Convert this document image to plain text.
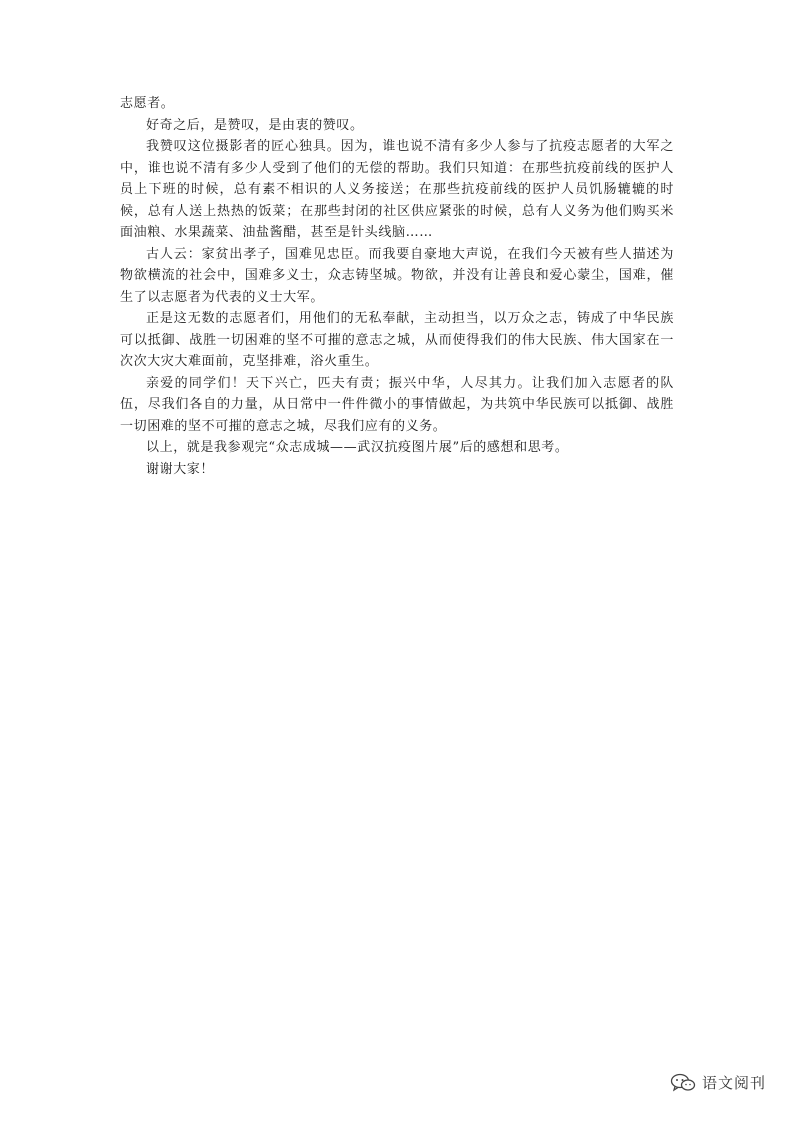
志愿者。

好奇之后，是赞叹，是由衷的赞叹。

我赞叹这位摄影者的匠心独具。因为，谁也说不清有多少人参与了抗疫志愿者的大军之中，谁也说不清有多少人受到了他们的无偿的帮助。我们只知道：在那些抗疫前线的医护人员上下班的时候，总有素不相识的人义务接送；在那些抗疫前线的医护人员饥肠辘辘的时候，总有人送上热热的饭菜；在那些封闭的社区供应紧张的时候，总有人义务为他们购买米面油粮、水果蔬菜、油盐酱醋，甚至是针头线脑……

古人云：家贫出孝子，国难见忠臣。而我要自豪地大声说，在我们今天被有些人描述为物欲横流的社会中，国难多义士，众志铸坚城。物欲，并没有让善良和爱心蒙尘，国难，催生了以志愿者为代表的义士大军。

正是这无数的志愿者们，用他们的无私奉献，主动担当，以万众之志，铸成了中华民族可以抵御、战胜一切困难的坚不可摧的意志之城，从而使得我们的伟大民族、伟大国家在一次次大灾大难面前，克坚排难，浴火重生。

亲爱的同学们！天下兴亡，匹夫有责；振兴中华，人尽其力。让我们加入志愿者的队伍，尽我们各自的力量，从日常中一件件微小的事情做起，为共筑中华民族可以抵御、战胜一切困难的坚不可摧的意志之城，尽我们应有的义务。

以上，就是我参观完“众志成城——武汉抗疫图片展”后的感想和思考。

谢谢大家！

语文阅刊
